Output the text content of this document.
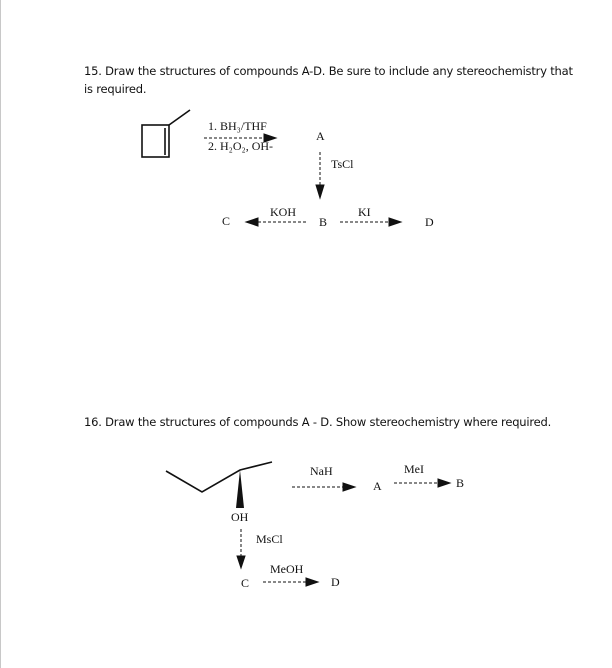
15. Draw the structures of compounds A-D. Be sure to include any stereochemistry that
is required.
1. BH₃/THF
2. H₂O₂, OH-
A
TsCl
KOH	KI
C	B	D
16. Draw the structures of compounds A - D. Show stereochemistry where required.
NaH
A
MeI
B
OH
MsCl
MeOH
C	D
